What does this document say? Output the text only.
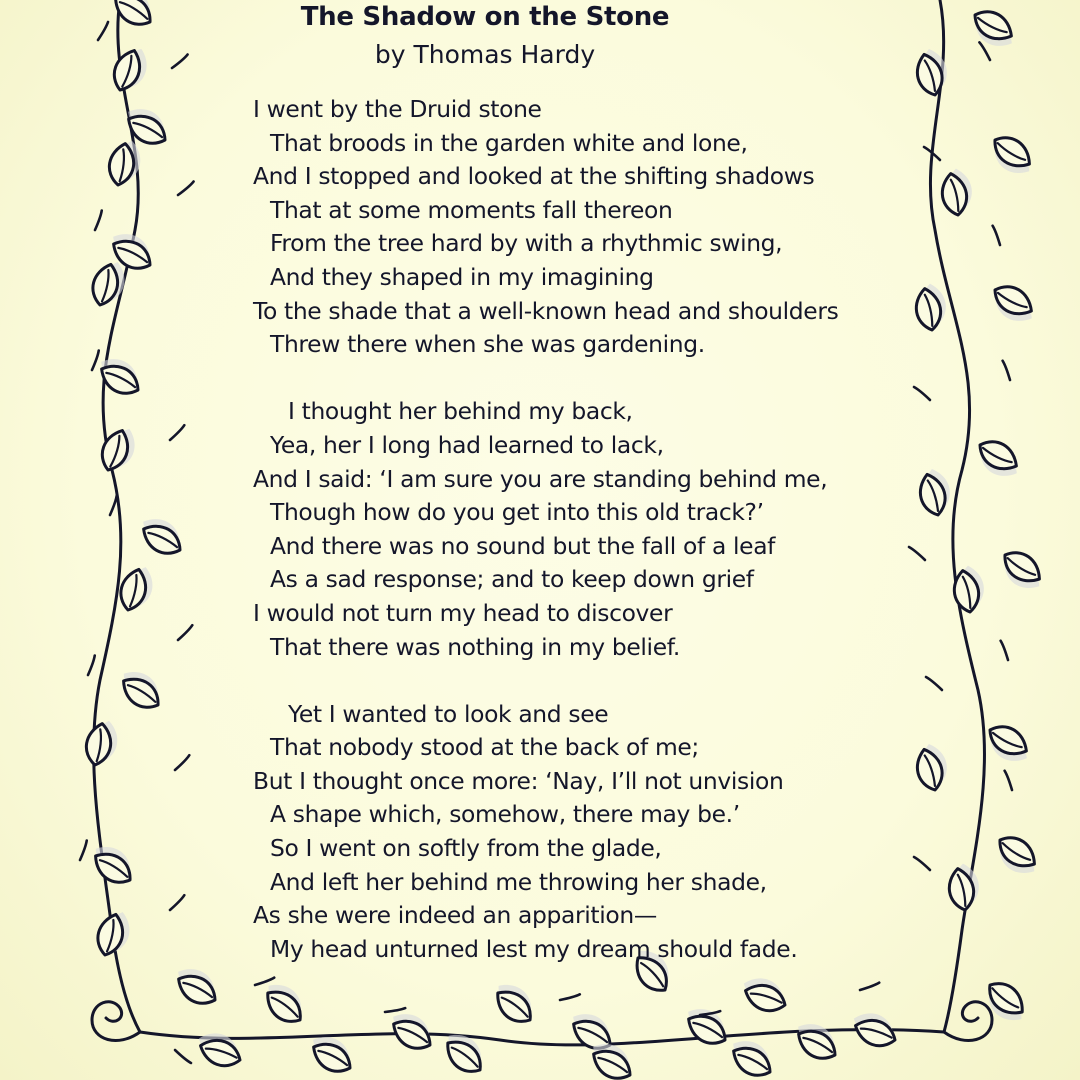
The Shadow on the Stone
by Thomas Hardy
I went by the Druid stone
That broods in the garden white and lone,
And I stopped and looked at the shifting shadows
That at some moments fall thereon
From the tree hard by with a rhythmic swing,
And they shaped in my imagining
To the shade that a well-known head and shoulders
Threw there when she was gardening.
I thought her behind my back,
Yea, her I long had learned to lack,
And I said: ‘I am sure you are standing behind me,
Though how do you get into this old track?’
And there was no sound but the fall of a leaf
As a sad response; and to keep down grief
I would not turn my head to discover
That there was nothing in my belief.
Yet I wanted to look and see
That nobody stood at the back of me;
But I thought once more: ‘Nay, I’ll not unvision
A shape which, somehow, there may be.’
So I went on softly from the glade,
And left her behind me throwing her shade,
As she were indeed an apparition—
My head unturned lest my dream should fade.
